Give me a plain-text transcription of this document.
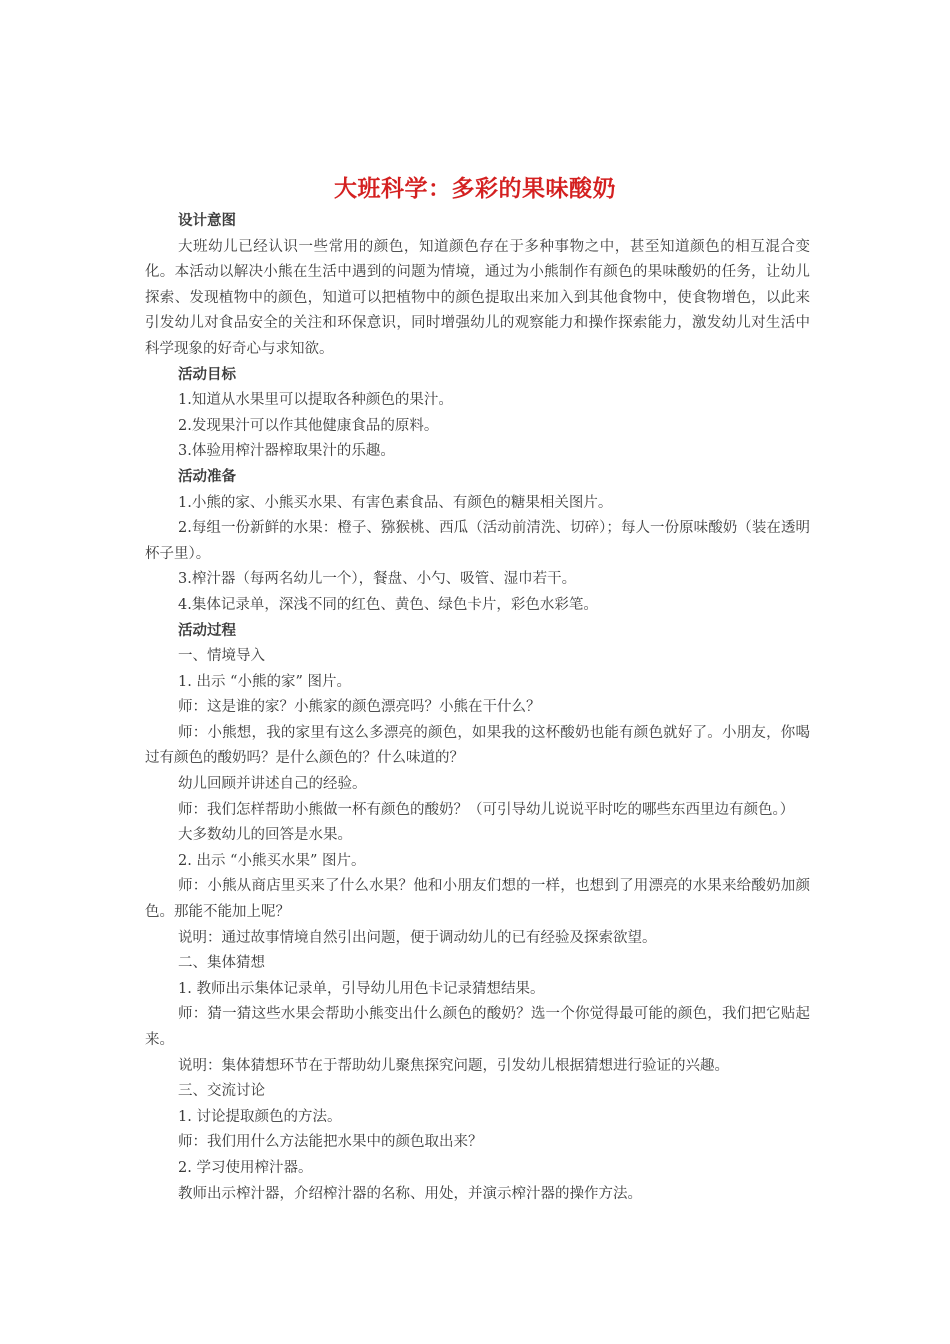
大班科学：多彩的果味酸奶

设计意图

大班幼儿已经认识一些常用的颜色，知道颜色存在于多种事物之中，甚至知道颜色的相互混合变化。本活动以解决小熊在生活中遇到的问题为情境，通过为小熊制作有颜色的果味酸奶的任务，让幼儿探索、发现植物中的颜色，知道可以把植物中的颜色提取出来加入到其他食物中，使食物增色，以此来引发幼儿对食品安全的关注和环保意识，同时增强幼儿的观察能力和操作探索能力，激发幼儿对生活中科学现象的好奇心与求知欲。

活动目标

1.知道从水果里可以提取各种颜色的果汁。

2.发现果汁可以作其他健康食品的原料。

3.体验用榨汁器榨取果汁的乐趣。

活动准备

1.小熊的家、小熊买水果、有害色素食品、有颜色的糖果相关图片。

2.每组一份新鲜的水果：橙子、猕猴桃、西瓜（活动前清洗、切碎）；每人一份原味酸奶（装在透明杯子里）。

3.榨汁器（每两名幼儿一个），餐盘、小勺、吸管、湿巾若干。

4.集体记录单，深浅不同的红色、黄色、绿色卡片，彩色水彩笔。

活动过程

一、情境导入

1. 出示 “小熊的家” 图片。

师：这是谁的家？小熊家的颜色漂亮吗？小熊在干什么？

师：小熊想，我的家里有这么多漂亮的颜色，如果我的这杯酸奶也能有颜色就好了。小朋友，你喝过有颜色的酸奶吗？是什么颜色的？什么味道的？

幼儿回顾并讲述自己的经验。

师：我们怎样帮助小熊做一杯有颜色的酸奶？（可引导幼儿说说平时吃的哪些东西里边有颜色。）

大多数幼儿的回答是水果。

2. 出示 “小熊买水果” 图片。

师：小熊从商店里买来了什么水果？他和小朋友们想的一样，也想到了用漂亮的水果来给酸奶加颜色。那能不能加上呢？

说明：通过故事情境自然引出问题，便于调动幼儿的已有经验及探索欲望。

二、集体猜想

1. 教师出示集体记录单，引导幼儿用色卡记录猜想结果。

师：猜一猜这些水果会帮助小熊变出什么颜色的酸奶？选一个你觉得最可能的颜色，我们把它贴起来。

说明：集体猜想环节在于帮助幼儿聚焦探究问题，引发幼儿根据猜想进行验证的兴趣。

三、交流讨论

1. 讨论提取颜色的方法。

师：我们用什么方法能把水果中的颜色取出来？

2. 学习使用榨汁器。

教师出示榨汁器，介绍榨汁器的名称、用处，并演示榨汁器的操作方法。
